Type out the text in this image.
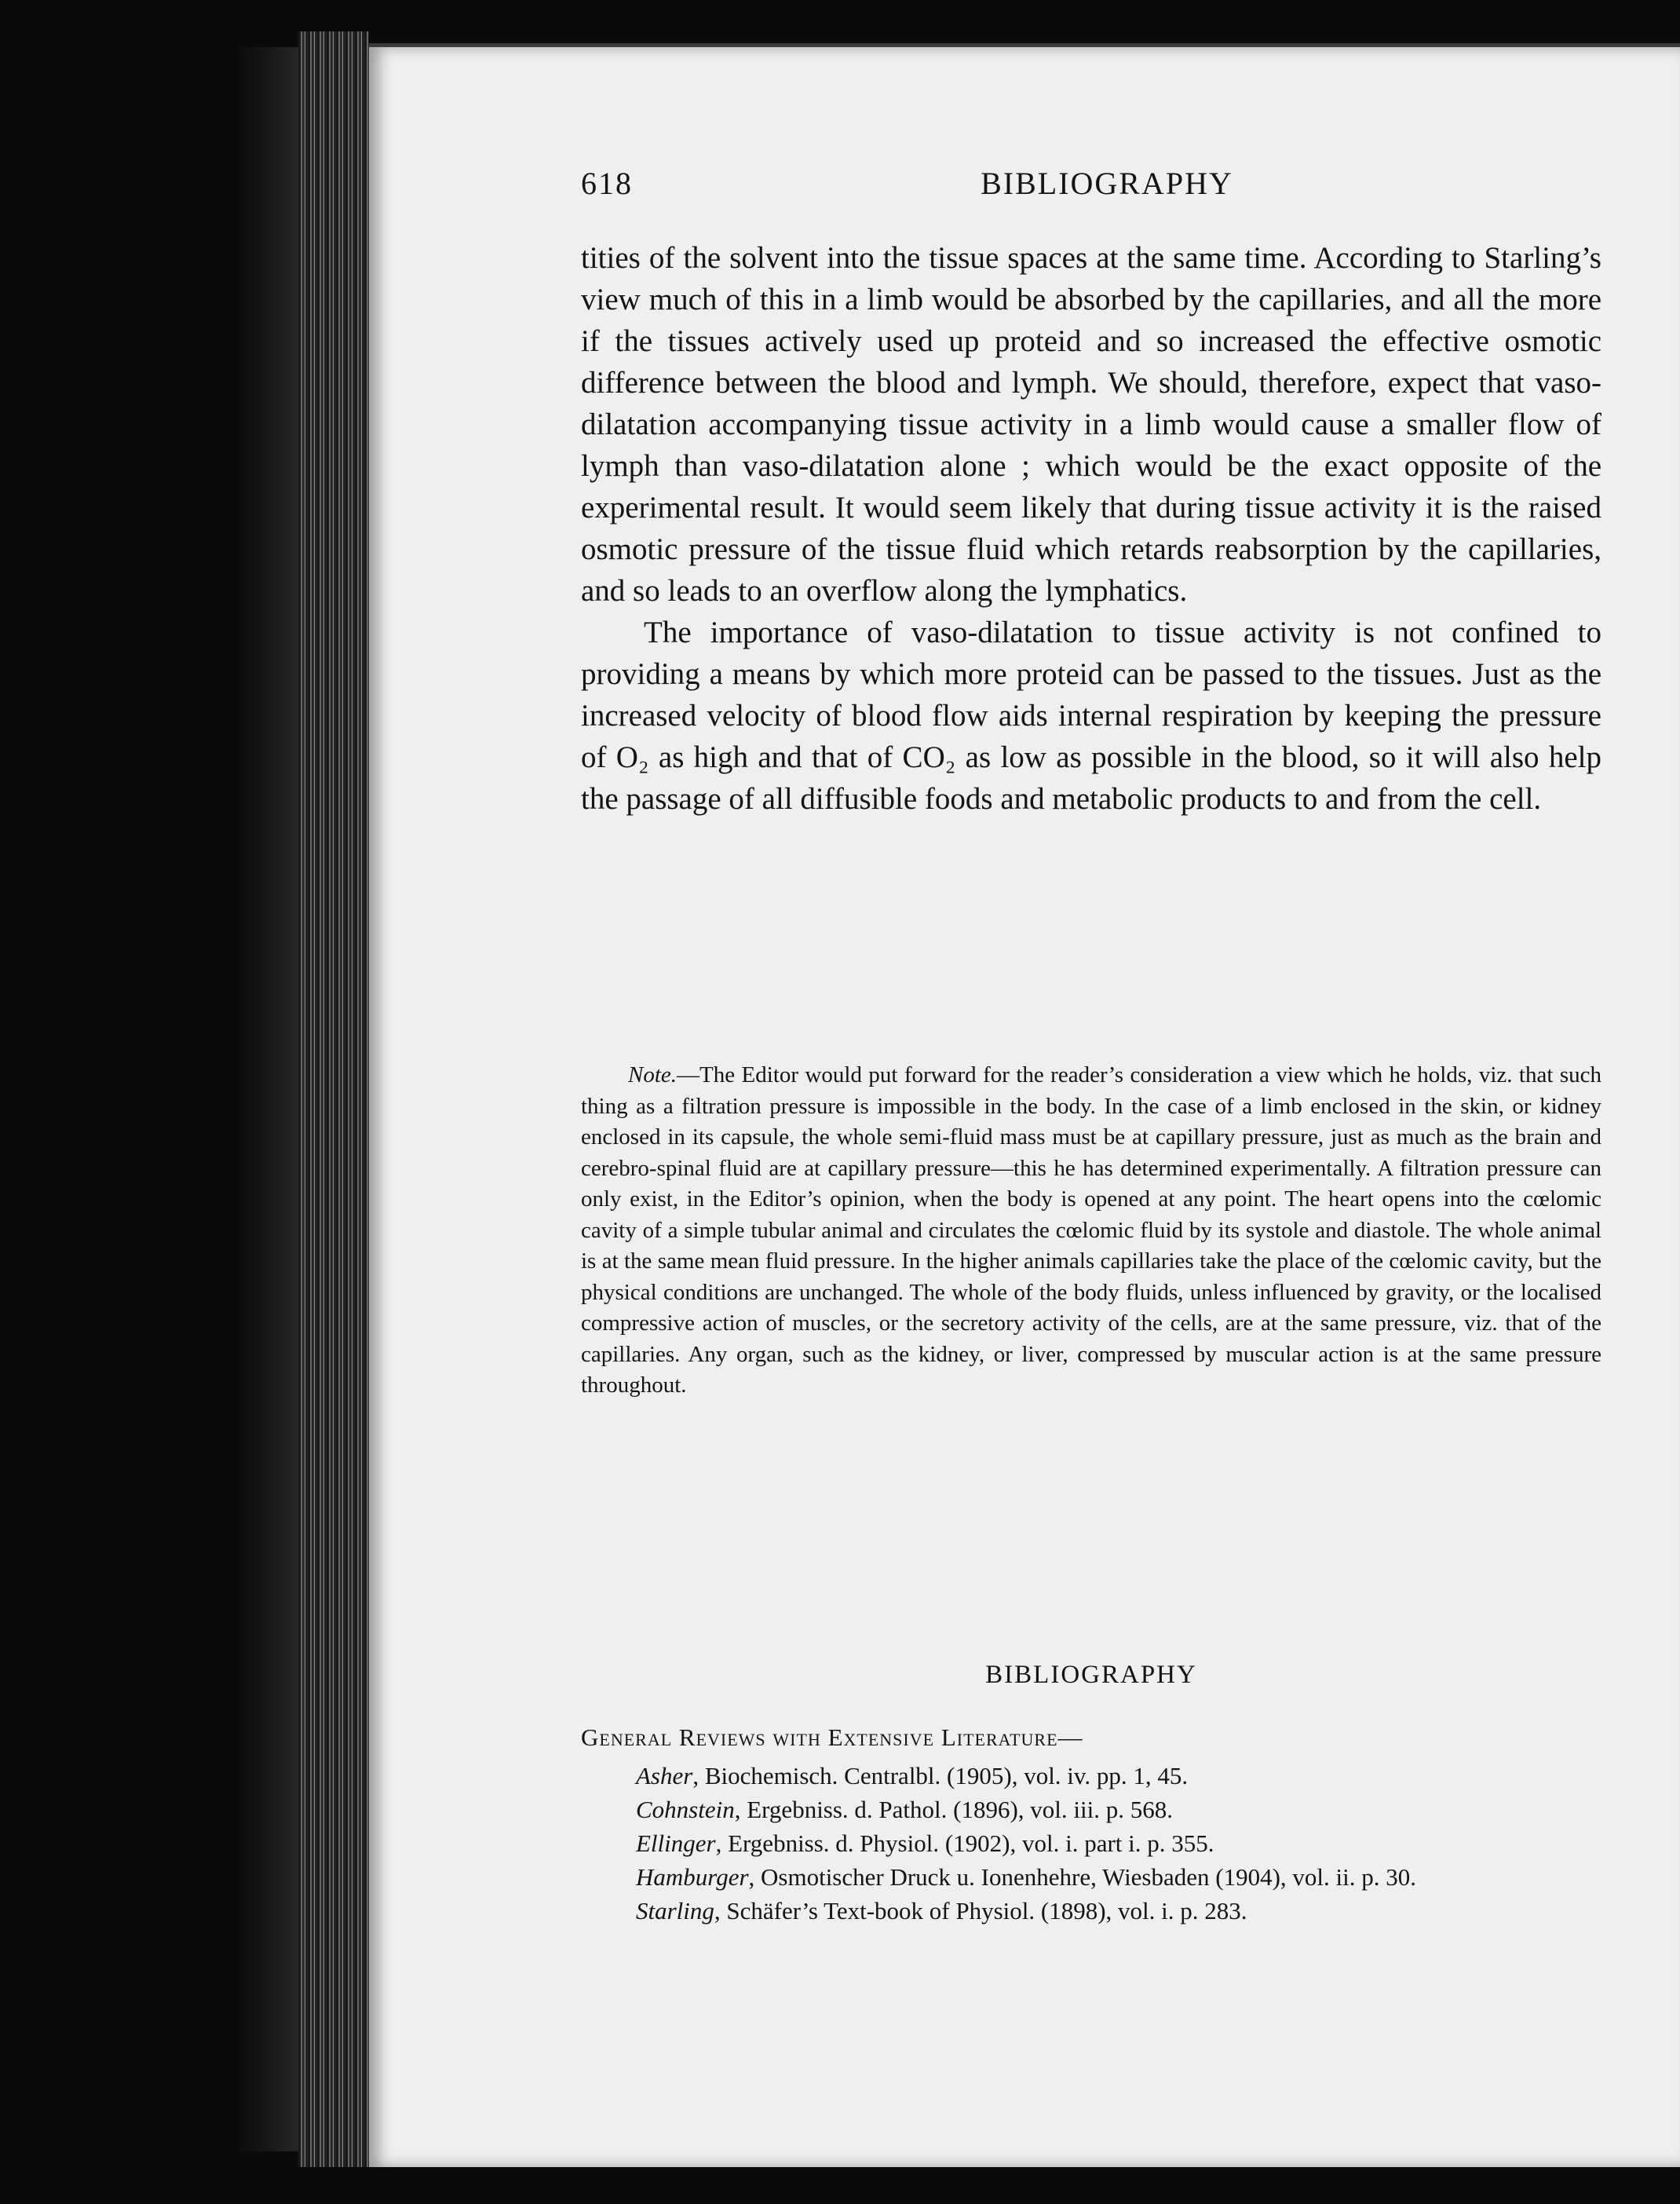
618	BIBLIOGRAPHY

tities of the solvent into the tissue spaces at the same time. According to Starling’s view much of this in a limb would be absorbed by the capillaries, and all the more if the tissues actively used up proteid and so increased the effective osmotic difference between the blood and lymph. We should, therefore, expect that vaso-dilatation accompanying tissue activity in a limb would cause a smaller flow of lymph than vaso-dilatation alone ; which would be the exact opposite of the experimental result. It would seem likely that during tissue activity it is the raised osmotic pressure of the tissue fluid which retards reabsorption by the capillaries, and so leads to an overflow along the lymphatics.

The importance of vaso-dilatation to tissue activity is not confined to providing a means by which more proteid can be passed to the tissues. Just as the increased velocity of blood flow aids internal respiration by keeping the pressure of O₂ as high and that of CO₂ as low as possible in the blood, so it will also help the passage of all diffusible foods and metabolic products to and from the cell.

Note.—The Editor would put forward for the reader’s consideration a view which he holds, viz. that such thing as a filtration pressure is impossible in the body. In the case of a limb enclosed in the skin, or kidney enclosed in its capsule, the whole semi-fluid mass must be at capillary pressure, just as much as the brain and cerebro-spinal fluid are at capillary pressure—this he has determined experimentally. A filtration pressure can only exist, in the Editor’s opinion, when the body is opened at any point. The heart opens into the cœlomic cavity of a simple tubular animal and circulates the cœlomic fluid by its systole and diastole. The whole animal is at the same mean fluid pressure. In the higher animals capillaries take the place of the cœlomic cavity, but the physical conditions are unchanged. The whole of the body fluids, unless influenced by gravity, or the localised compressive action of muscles, or the secretory activity of the cells, are at the same pressure, viz. that of the capillaries. Any organ, such as the kidney, or liver, compressed by muscular action is at the same pressure throughout.

BIBLIOGRAPHY
General Reviews with Extensive Literature—
Asher, Biochemisch. Centralbl. (1905), vol. iv. pp. 1, 45.
Cohnstein, Ergebniss. d. Pathol. (1896), vol. iii. p. 568.
Ellinger, Ergebniss. d. Physiol. (1902), vol. i. part i. p. 355.
Hamburger, Osmotischer Druck u. Ionenhehre, Wiesbaden (1904), vol. ii. p. 30.
Starling, Schäfer’s Text-book of Physiol. (1898), vol. i. p. 283.
